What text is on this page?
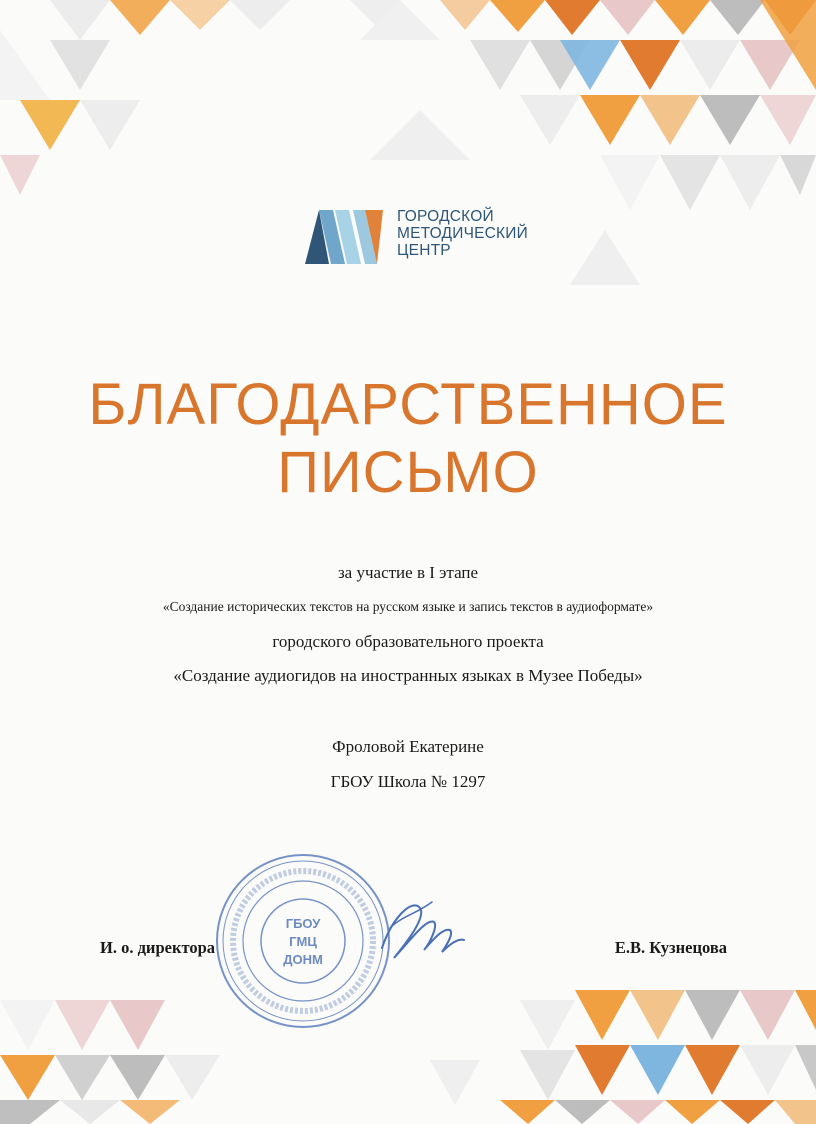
ГОРОДСКОЙ
МЕТОДИЧЕСКИЙ
ЦЕНТР
БЛАГОДАРСТВЕННОЕ
ПИСЬМО
за участие в I этапе
«Создание исторических текстов на русском языке и запись текстов в аудиоформате»
городского образовательного проекта
«Создание аудиогидов на иностранных языках в Музее Победы»
Фроловой Екатерине
ГБОУ Школа № 1297
ГБОУ
ГМЦ
ДОНМ
И. о. директора	Е.В. Кузнецова
